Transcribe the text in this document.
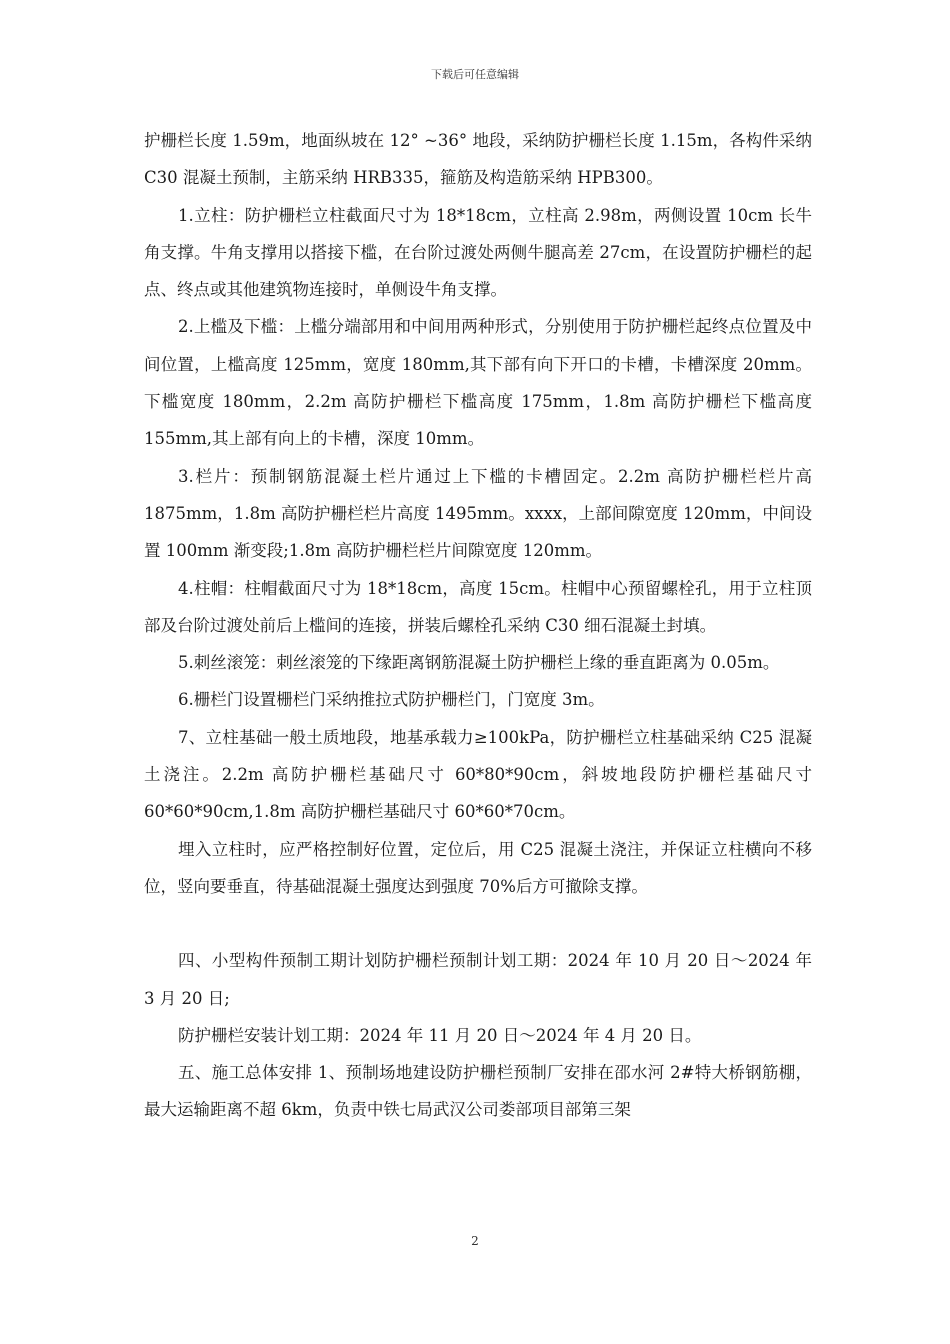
下载后可任意编辑

护栅栏长度 1.59m，地面纵坡在 12° ~36° 地段，采纳防护栅栏长度 1.15m，各构件采纳 C30 混凝土预制，主筋采纳 HRB335，箍筋及构造筋采纳 HPB300。

1.立柱：防护栅栏立柱截面尺寸为 18*18cm，立柱高 2.98m，两侧设置 10cm 长牛角支撑。牛角支撑用以搭接下槛，在台阶过渡处两侧牛腿高差 27cm，在设置防护栅栏的起点、终点或其他建筑物连接时，单侧设牛角支撑。

2.上槛及下槛：上槛分端部用和中间用两种形式，分别使用于防护栅栏起终点位置及中间位置，上槛高度 125mm，宽度 180mm,其下部有向下开口的卡槽，卡槽深度 20mm。下槛宽度 180mm，2.2m 高防护栅栏下槛高度 175mm，1.8m 高防护栅栏下槛高度 155mm,其上部有向上的卡槽，深度 10mm。

3.栏片：预制钢筋混凝土栏片通过上下槛的卡槽固定。2.2m 高防护栅栏栏片高 1875mm，1.8m 高防护栅栏栏片高度 1495mm。xxxx，上部间隙宽度 120mm，中间设置 100mm 渐变段;1.8m 高防护栅栏栏片间隙宽度 120mm。

4.柱帽：柱帽截面尺寸为 18*18cm，高度 15cm。柱帽中心预留螺栓孔，用于立柱顶部及台阶过渡处前后上槛间的连接，拼装后螺栓孔采纳 C30 细石混凝土封填。

5.刺丝滚笼：刺丝滚笼的下缘距离钢筋混凝土防护栅栏上缘的垂直距离为 0.05m。

6.栅栏门设置栅栏门采纳推拉式防护栅栏门，门宽度 3m。

7、立柱基础一般土质地段，地基承载力≥100kPa，防护栅栏立柱基础采纳 C25 混凝土浇注。2.2m 高防护栅栏基础尺寸 60*80*90cm，斜坡地段防护栅栏基础尺寸 60*60*90cm,1.8m 高防护栅栏基础尺寸 60*60*70cm。

埋入立柱时，应严格控制好位置，定位后，用 C25 混凝土浇注，并保证立柱横向不移位，竖向要垂直，待基础混凝土强度达到强度 70%后方可撤除支撑。

四、小型构件预制工期计划防护栅栏预制计划工期：2024 年 10 月 20 日～2024 年 3 月 20 日;

防护栅栏安装计划工期：2024 年 11 月 20 日～2024 年 4 月 20 日。

五、施工总体安排 1、预制场地建设防护栅栏预制厂安排在邵水河 2#特大桥钢筋棚，最大运输距离不超 6km，负责中铁七局武汉公司娄部项目部第三架

2
